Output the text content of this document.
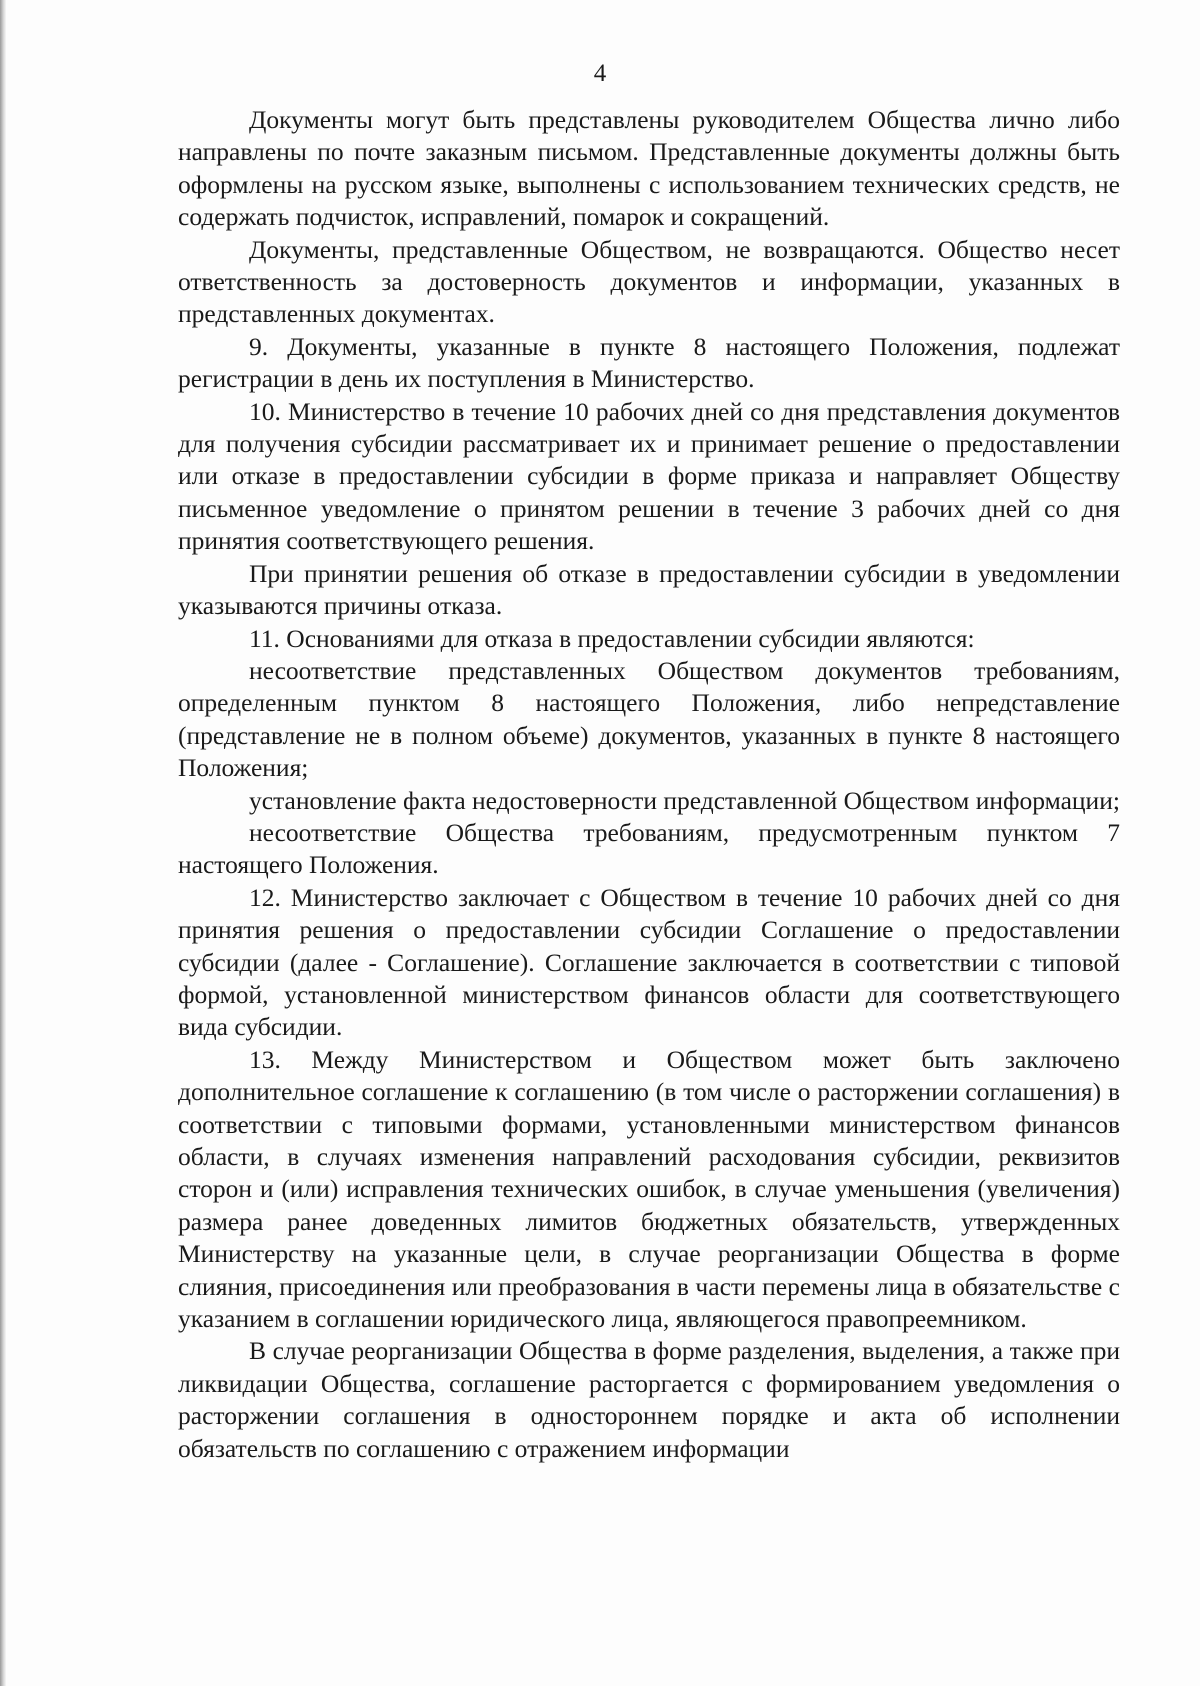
4

Документы могут быть представлены руководителем Общества лично либо направлены по почте заказным письмом. Представленные документы должны быть оформлены на русском языке, выполнены с использованием технических средств, не содержать подчисток, исправлений, помарок и сокращений.

Документы, представленные Обществом, не возвращаются. Общество несет ответственность за достоверность документов и информации, указанных в представленных документах.

9. Документы, указанные в пункте 8 настоящего Положения, подлежат регистрации в день их поступления в Министерство.

10. Министерство в течение 10 рабочих дней со дня представления документов для получения субсидии рассматривает их и принимает решение о предоставлении или отказе в предоставлении субсидии в форме приказа и направляет Обществу письменное уведомление о принятом решении в течение 3 рабочих дней со дня принятия соответствующего решения.

При принятии решения об отказе в предоставлении субсидии в уведомлении указываются причины отказа.

11. Основаниями для отказа в предоставлении субсидии являются:

несоответствие представленных Обществом документов требованиям, определенным пунктом 8 настоящего Положения, либо непредставление (представление не в полном объеме) документов, указанных в пункте 8 настоящего Положения;

установление факта недостоверности представленной Обществом информации;

несоответствие Общества требованиям, предусмотренным пунктом 7 настоящего Положения.

12. Министерство заключает с Обществом в течение 10 рабочих дней со дня принятия решения о предоставлении субсидии Соглашение о предоставлении субсидии (далее - Соглашение). Соглашение заключается в соответствии с типовой формой, установленной министерством финансов области для соответствующего вида субсидии.

13. Между Министерством и Обществом может быть заключено дополнительное соглашение к соглашению (в том числе о расторжении соглашения) в соответствии с типовыми формами, установленными министерством финансов области, в случаях изменения направлений расходования субсидии, реквизитов сторон и (или) исправления технических ошибок, в случае уменьшения (увеличения) размера ранее доведенных лимитов бюджетных обязательств, утвержденных Министерству на указанные цели, в случае реорганизации Общества в форме слияния, присоединения или преобразования в части перемены лица в обязательстве с указанием в соглашении юридического лица, являющегося правопреемником.

В случае реорганизации Общества в форме разделения, выделения, а также при ликвидации Общества, соглашение расторгается с формированием уведомления о расторжении соглашения в одностороннем порядке и акта об исполнении обязательств по соглашению с отражением информации
